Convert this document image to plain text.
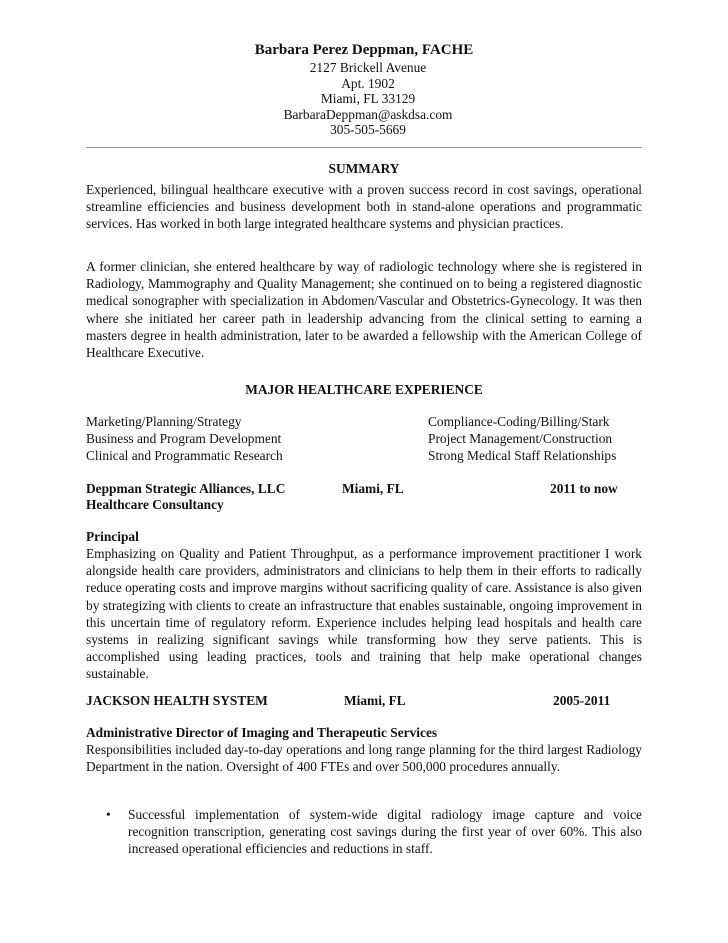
Barbara Perez Deppman, FACHE
2127 Brickell Avenue
Apt. 1902
Miami, FL 33129
BarbaraDeppman@askdsa.com
305-505-5669
SUMMARY

Experienced, bilingual healthcare executive with a proven success record in cost savings, operational streamline efficiencies and business development both in stand-alone operations and programmatic services. Has worked in both large integrated healthcare systems and physician practices.

A former clinician, she entered healthcare by way of radiologic technology where she is registered in Radiology, Mammography and Quality Management; she continued on to being a registered diagnostic medical sonographer with specialization in Abdomen/Vascular and Obstetrics-Gynecology. It was then where she initiated her career path in leadership advancing from the clinical setting to earning a masters degree in health administration, later to be awarded a fellowship with the American College of Healthcare Executive.

MAJOR HEALTHCARE EXPERIENCE
Marketing/Planning/Strategy	Compliance-Coding/Billing/Stark
Business and Program Development	Project Management/Construction
Clinical and Programmatic Research	Strong Medical Staff Relationships
Deppman Strategic Alliances, LLC	Miami, FL	2011 to now
Healthcare Consultancy
Principal

Emphasizing on Quality and Patient Throughput, as a performance improvement practitioner I work alongside health care providers, administrators and clinicians to help them in their efforts to radically reduce operating costs and improve margins without sacrificing quality of care. Assistance is also given by strategizing with clients to create an infrastructure that enables sustainable, ongoing improvement in this uncertain time of regulatory reform. Experience includes helping lead hospitals and health care systems in realizing significant savings while transforming how they serve patients. This is accomplished using leading practices, tools and training that help make operational changes sustainable.

JACKSON HEALTH SYSTEM	Miami, FL	2005-2011
Administrative Director of Imaging and Therapeutic Services

Responsibilities included day-to-day operations and long range planning for the third largest Radiology Department in the nation. Oversight of 400 FTEs and over 500,000 procedures annually.

• Successful implementation of system-wide digital radiology image capture and voice recognition transcription, generating cost savings during the first year of over 60%. This also increased operational efficiencies and reductions in staff.
